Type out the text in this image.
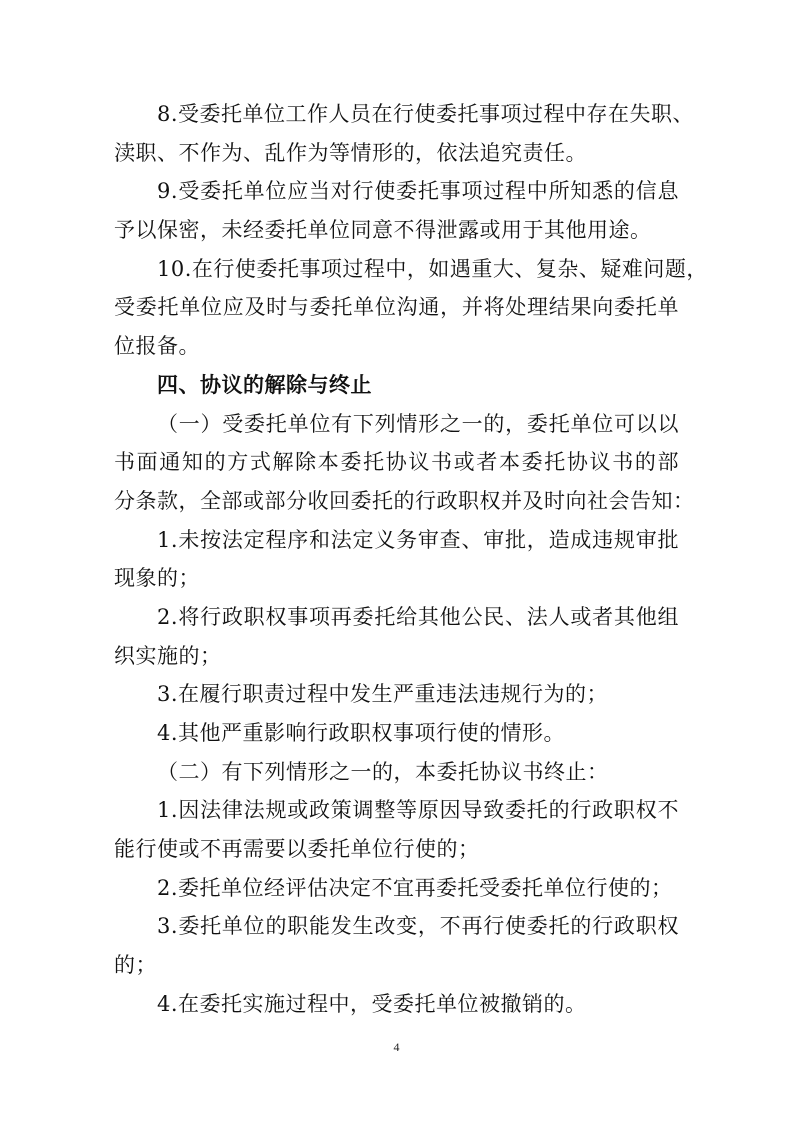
8.受委托单位工作人员在行使委托事项过程中存在失职、
渎职、不作为、乱作为等情形的，依法追究责任。
9.受委托单位应当对行使委托事项过程中所知悉的信息
予以保密，未经委托单位同意不得泄露或用于其他用途。
10.在行使委托事项过程中，如遇重大、复杂、疑难问题，
受委托单位应及时与委托单位沟通，并将处理结果向委托单
位报备。
四、协议的解除与终止
（一）受委托单位有下列情形之一的，委托单位可以以
书面通知的方式解除本委托协议书或者本委托协议书的部
分条款，全部或部分收回委托的行政职权并及时向社会告知：
1.未按法定程序和法定义务审查、审批，造成违规审批
现象的；
2.将行政职权事项再委托给其他公民、法人或者其他组
织实施的；
3.在履行职责过程中发生严重违法违规行为的；
4.其他严重影响行政职权事项行使的情形。
（二）有下列情形之一的，本委托协议书终止：
1.因法律法规或政策调整等原因导致委托的行政职权不
能行使或不再需要以委托单位行使的；
2.委托单位经评估决定不宜再委托受委托单位行使的；
3.委托单位的职能发生改变，不再行使委托的行政职权
的；
4.在委托实施过程中，受委托单位被撤销的。
4
